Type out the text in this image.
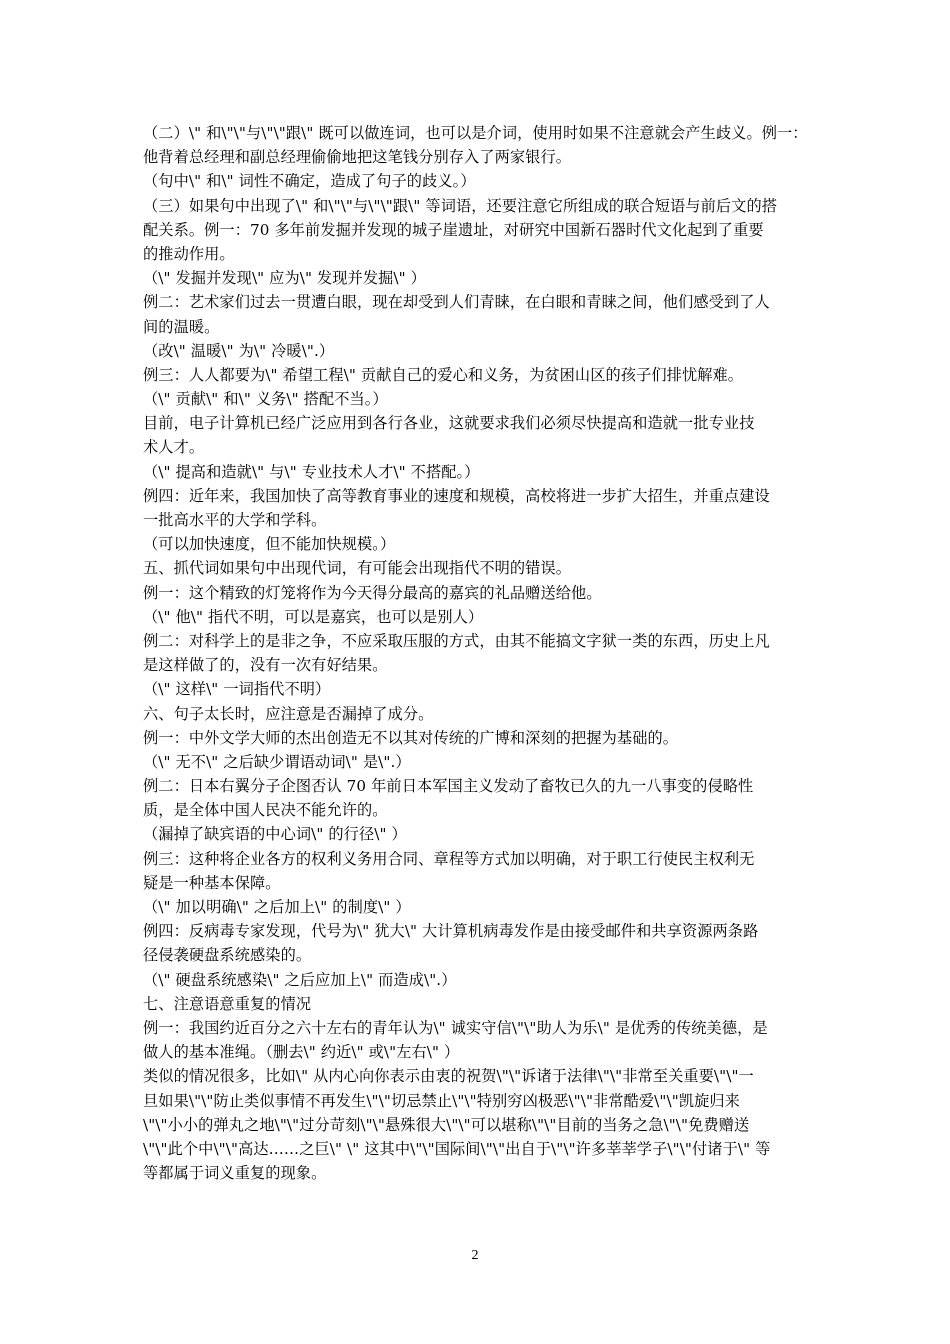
（二）\" 和\"\"与\"\"跟\" 既可以做连词，也可以是介词，使用时如果不注意就会产生歧义。例一：
他背着总经理和副总经理偷偷地把这笔钱分别存入了两家银行。
（句中\" 和\" 词性不确定，造成了句子的歧义。）
（三）如果句中出现了\" 和\"\"与\"\"跟\" 等词语，还要注意它所组成的联合短语与前后文的搭
配关系。例一：70 多年前发掘并发现的城子崖遗址，对研究中国新石器时代文化起到了重要
的推动作用。
（\" 发掘并发现\" 应为\" 发现并发掘\" ）
例二：艺术家们过去一贯遭白眼，现在却受到人们青睐，在白眼和青睐之间，他们感受到了人
间的温暖。
（改\" 温暖\" 为\" 冷暖\".）
例三：人人都要为\" 希望工程\" 贡献自己的爱心和义务，为贫困山区的孩子们排忧解难。
（\" 贡献\" 和\" 义务\" 搭配不当。）
目前，电子计算机已经广泛应用到各行各业，这就要求我们必须尽快提高和造就一批专业技
术人才。
（\" 提高和造就\" 与\" 专业技术人才\" 不搭配。）
例四：近年来，我国加快了高等教育事业的速度和规模，高校将进一步扩大招生，并重点建设
一批高水平的大学和学科。
（可以加快速度，但不能加快规模。）
五、抓代词如果句中出现代词，有可能会出现指代不明的错误。
例一：这个精致的灯笼将作为今天得分最高的嘉宾的礼品赠送给他。
（\" 他\" 指代不明，可以是嘉宾，也可以是别人）
例二：对科学上的是非之争，不应采取压服的方式，由其不能搞文字狱一类的东西，历史上凡
是这样做了的，没有一次有好结果。
（\" 这样\" 一词指代不明）
六、句子太长时，应注意是否漏掉了成分。
例一：中外文学大师的杰出创造无不以其对传统的广博和深刻的把握为基础的。
（\" 无不\" 之后缺少谓语动词\" 是\".）
例二：日本右翼分子企图否认 70 年前日本军国主义发动了畜牧已久的九一八事变的侵略性
质，是全体中国人民决不能允许的。
（漏掉了缺宾语的中心词\" 的行径\" ）
例三：这种将企业各方的权利义务用合同、章程等方式加以明确，对于职工行使民主权利无
疑是一种基本保障。
（\" 加以明确\" 之后加上\" 的制度\" ）
例四：反病毒专家发现，代号为\" 犹大\" 大计算机病毒发作是由接受邮件和共享资源两条路
径侵袭硬盘系统感染的。
（\" 硬盘系统感染\" 之后应加上\" 而造成\".）
七、注意语意重复的情况
例一：我国约近百分之六十左右的青年认为\" 诚实守信\"\"助人为乐\" 是优秀的传统美德，是
做人的基本准绳。（删去\" 约近\" 或\"左右\" ）
类似的情况很多，比如\" 从内心向你表示由衷的祝贺\"\"诉诸于法律\"\"非常至关重要\"\"一
旦如果\"\"防止类似事情不再发生\"\"切忌禁止\"\"特别穷凶极恶\"\"非常酷爱\"\"凯旋归来
\"\"小小的弹丸之地\"\"过分苛刻\"\"悬殊很大\"\"可以堪称\"\"目前的当务之急\"\"免费赠送
\"\"此个中\"\"高达……之巨\" \" 这其中\"\"国际间\"\"出自于\"\"许多莘莘学子\"\"付诸于\" 等
等都属于词义重复的现象。
2
